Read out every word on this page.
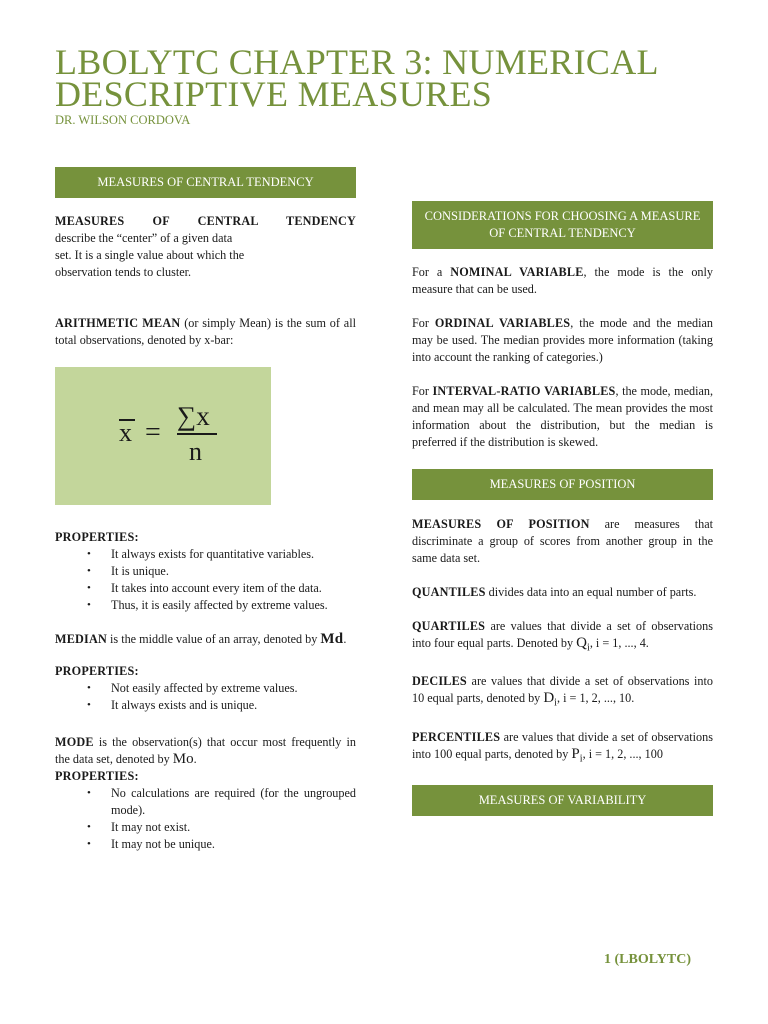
LBOLYTC CHAPTER 3: NUMERICAL
DESCRIPTIVE MEASURES
DR. WILSON CORDOVA
MEASURES OF CENTRAL TENDENCY

MEASURES OF CENTRAL TENDENCY
describe the “center” of a given data
set. It is a single value about which the
observation tends to cluster.

ARITHMETIC MEAN (or simply Mean) is the sum of all total observations, denoted by x-bar:

x =
∑x
n
PROPERTIES:
• It always exists for quantitative variables.
• It is unique.
• It takes into account every item of the data.
• Thus, it is easily affected by extreme values.

MEDIAN is the middle value of an array, denoted by Md.

PROPERTIES:
• Not easily affected by extreme values.
• It always exists and is unique.

MODE is the observation(s) that occur most frequently in the data set, denoted by Mo.

PROPERTIES:
• No calculations are required (for the ungrouped mode).
• It may not exist.
• It may not be unique.
CONSIDERATIONS FOR CHOOSING A MEASURE OF CENTRAL TENDENCY

For a NOMINAL VARIABLE, the mode is the only measure that can be used.

For ORDINAL VARIABLES, the mode and the median may be used. The median provides more information (taking into account the ranking of categories.)

For INTERVAL-RATIO VARIABLES, the mode, median, and mean may all be calculated. The mean provides the most information about the distribution, but the median is preferred if the distribution is skewed.

MEASURES OF POSITION

MEASURES OF POSITION are measures that discriminate a group of scores from another group in the same data set.

QUANTILES divides data into an equal number of parts.

QUARTILES are values that divide a set of observations into four equal parts. Denoted by $Q_i$, i = 1, ..., 4.

DECILES are values that divide a set of observations into 10 equal parts, denoted by $D_i$, i = 1, 2, ..., 10.

PERCENTILES are values that divide a set of observations into 100 equal parts, denoted by $P_i$, i = 1, 2, ..., 100

MEASURES OF VARIABILITY
1 (LBOLYTC)
